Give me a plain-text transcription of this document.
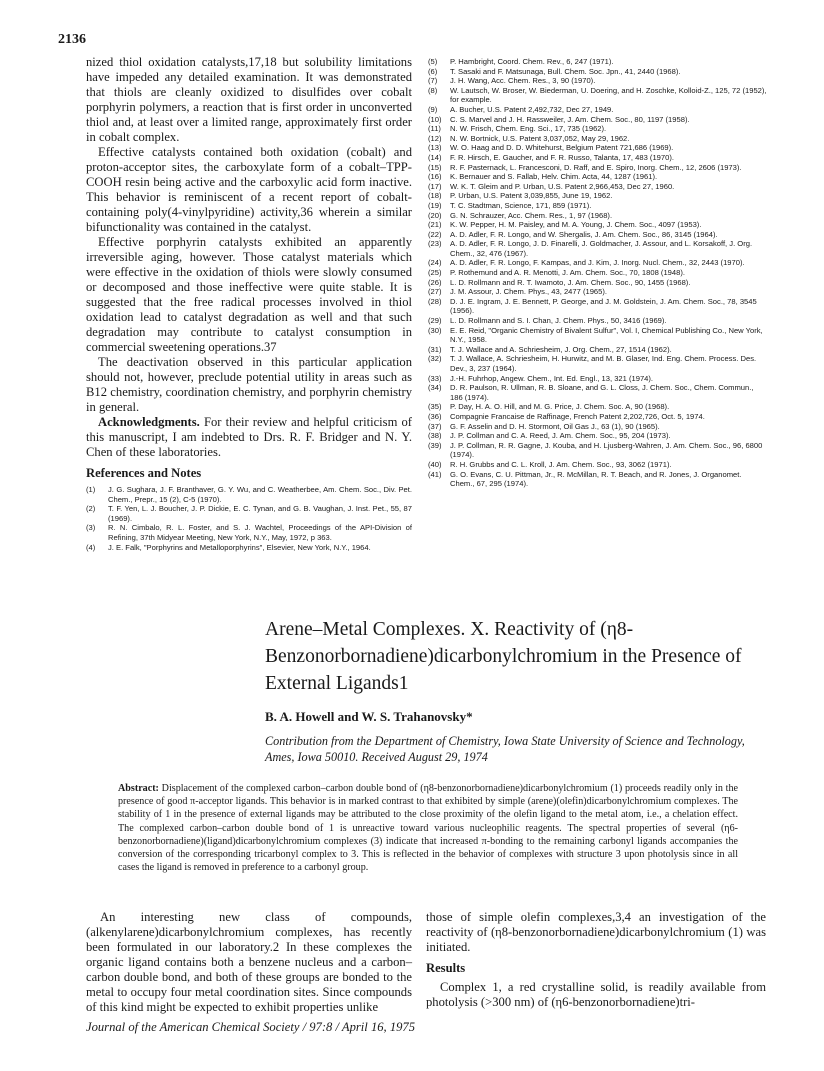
2136

nized thiol oxidation catalysts,17,18 but solubility limitations have impeded any detailed examination. It was demonstrated that thiols are cleanly oxidized to disulfides over cobalt porphyrin polymers, a reaction that is first order in unconverted thiol and, at least over a limited range, approximately first order in cobalt complex.

Effective catalysts contained both oxidation (cobalt) and proton-acceptor sites, the carboxylate form of a cobalt–TPP-COOH resin being active and the carboxylic acid form inactive. This behavior is reminiscent of a recent report of cobalt-containing poly(4-vinylpyridine) activity,36 wherein a similar bifunctionality was contained in the catalyst.

Effective porphyrin catalysts exhibited an apparently irreversible aging, however. Those catalyst materials which were effective in the oxidation of thiols were slowly consumed or decomposed and those ineffective were quite stable. It is suggested that the free radical processes involved in thiol oxidation lead to catalyst degradation as well and that such degradation may contribute to catalyst consumption in commercial sweetening operations.37

The deactivation observed in this particular application should not, however, preclude potential utility in areas such as B12 chemistry, coordination chemistry, and porphyrin chemistry in general.

Acknowledgments. For their review and helpful criticism of this manuscript, I am indebted to Drs. R. F. Bridger and N. Y. Chen of these laboratories.

References and Notes
(1)	J. G. Sughara, J. F. Branthaver, G. Y. Wu, and C. Weatherbee, Am. Chem. Soc., Div. Pet. Chem., Prepr., 15 (2), C-5 (1970).
(2)	T. F. Yen, L. J. Boucher, J. P. Dickie, E. C. Tynan, and G. B. Vaughan, J. Inst. Pet., 55, 87 (1969).
(3)	R. N. Cimbalo, R. L. Foster, and S. J. Wachtel, Proceedings of the API-Division of Refining, 37th Midyear Meeting, New York, N.Y., May, 1972, p 363.
(4)	J. E. Falk, "Porphyrins and Metalloporphyrins", Elsevier, New York, N.Y., 1964.
(5)	P. Hambright, Coord. Chem. Rev., 6, 247 (1971).
(6)	T. Sasaki and F. Matsunaga, Bull. Chem. Soc. Jpn., 41, 2440 (1968).
(7)	J. H. Wang, Acc. Chem. Res., 3, 90 (1970).
(8)	W. Lautsch, W. Broser, W. Biederman, U. Doering, and H. Zoschke, Kolloid-Z., 125, 72 (1952), for example.
(9)	A. Bucher, U.S. Patent 2,492,732, Dec 27, 1949.
(10)	C. S. Marvel and J. H. Rassweiler, J. Am. Chem. Soc., 80, 1197 (1958).
(11)	N. W. Frisch, Chem. Eng. Sci., 17, 735 (1962).
(12)	N. W. Bortnick, U.S. Patent 3,037,052, May 29, 1962.
(13)	W. O. Haag and D. D. Whitehurst, Belgium Patent 721,686 (1969).
(14)	F. R. Hirsch, E. Gaucher, and F. R. Russo, Talanta, 17, 483 (1970).
(15)	R. F. Pasternack, L. Francesconi, D. Raff, and E. Spiro, Inorg. Chem., 12, 2606 (1973).
(16)	K. Bernauer and S. Fallab, Helv. Chim. Acta, 44, 1287 (1961).
(17)	W. K. T. Gleim and P. Urban, U.S. Patent 2,966,453, Dec 27, 1960.
(18)	P. Urban, U.S. Patent 3,039,855, June 19, 1962.
(19)	T. C. Stadtman, Science, 171, 859 (1971).
(20)	G. N. Schrauzer, Acc. Chem. Res., 1, 97 (1968).
(21)	K. W. Pepper, H. M. Paisley, and M. A. Young, J. Chem. Soc., 4097 (1953).
(22)	A. D. Adler, F. R. Longo, and W. Shergalis, J. Am. Chem. Soc., 86, 3145 (1964).
(23)	A. D. Adler, F. R. Longo, J. D. Finarelli, J. Goldmacher, J. Assour, and L. Korsakoff, J. Org. Chem., 32, 476 (1967).
(24)	A. D. Adler, F. R. Longo, F. Kampas, and J. Kim, J. Inorg. Nucl. Chem., 32, 2443 (1970).
(25)	P. Rothemund and A. R. Menotti, J. Am. Chem. Soc., 70, 1808 (1948).
(26)	L. D. Rollmann and R. T. Iwamoto, J. Am. Chem. Soc., 90, 1455 (1968).
(27)	J. M. Assour, J. Chem. Phys., 43, 2477 (1965).
(28)	D. J. E. Ingram, J. E. Bennett, P. George, and J. M. Goldstein, J. Am. Chem. Soc., 78, 3545 (1956).
(29)	L. D. Rollmann and S. I. Chan, J. Chem. Phys., 50, 3416 (1969).
(30)	E. E. Reid, "Organic Chemistry of Bivalent Sulfur", Vol. I, Chemical Publishing Co., New York, N.Y., 1958.
(31)	T. J. Wallace and A. Schriesheim, J. Org. Chem., 27, 1514 (1962).
(32)	T. J. Wallace, A. Schriesheim, H. Hurwitz, and M. B. Glaser, Ind. Eng. Chem. Process. Des. Dev., 3, 237 (1964).
(33)	J.-H. Fuhrhop, Angew. Chem., Int. Ed. Engl., 13, 321 (1974).
(34)	D. R. Paulson, R. Ullman, R. B. Sloane, and G. L. Closs, J. Chem. Soc., Chem. Commun., 186 (1974).
(35)	P. Day, H. A. O. Hill, and M. G. Price, J. Chem. Soc. A, 90 (1968).
(36)	Compagnie Francaise de Raffinage, French Patent 2,202,726, Oct. 5, 1974.
(37)	G. F. Asselin and D. H. Stormont, Oil Gas J., 63 (1), 90 (1965).
(38)	J. P. Collman and C. A. Reed, J. Am. Chem. Soc., 95, 204 (1973).
(39)	J. P. Collman, R. R. Gagne, J. Kouba, and H. Ljusberg-Wahren, J. Am. Chem. Soc., 96, 6800 (1974).
(40)	R. H. Grubbs and C. L. Kroll, J. Am. Chem. Soc., 93, 3062 (1971).
(41)	G. O. Evans, C. U. Pittman, Jr., R. McMillan, R. T. Beach, and R. Jones, J. Organomet. Chem., 67, 295 (1974).
Arene–Metal Complexes. X. Reactivity of (η8-Benzonorbornadiene)dicarbonylchromium in the Presence of External Ligands1
B. A. Howell and W. S. Trahanovsky*
Contribution from the Department of Chemistry, Iowa State University of Science and Technology, Ames, Iowa 50010. Received August 29, 1974
Abstract: Displacement of the complexed carbon–carbon double bond of (η8-benzonorbornadiene)dicarbonylchromium (1) proceeds readily only in the presence of good π-acceptor ligands. This behavior is in marked contrast to that exhibited by simple (arene)(olefin)dicarbonylchromium complexes. The stability of 1 in the presence of external ligands may be attributed to the close proximity of the olefin ligand to the metal atom, i.e., a chelation effect. The complexed carbon–carbon double bond of 1 is unreactive toward various nucleophilic reagents. The spectral properties of several (η6-benzonorbornadiene)(ligand)dicarbonylchromium complexes (3) indicate that increased π-bonding to the remaining carbonyl ligands accompanies the conversion of the corresponding tricarbonyl complex to 3. This is reflected in the behavior of complexes with structure 3 upon photolysis since in all cases the ligand is removed in preference to a carbonyl group.

An interesting new class of compounds, (alkenylarene)dicarbonylchromium complexes, has recently been formulated in our laboratory.2 In these complexes the organic ligand contains both a benzene nucleus and a carbon–carbon double bond, and both of these groups are bonded to the metal to occupy four metal coordination sites. Since compounds of this kind might be expected to exhibit properties unlike

those of simple olefin complexes,3,4 an investigation of the reactivity of (η8-benzonorbornadiene)dicarbonylchromium (1) was initiated.

Results

Complex 1, a red crystalline solid, is readily available from photolysis (>300 nm) of (η6-benzonorbornadiene)tri-

Journal of the American Chemical Society / 97:8 / April 16, 1975
